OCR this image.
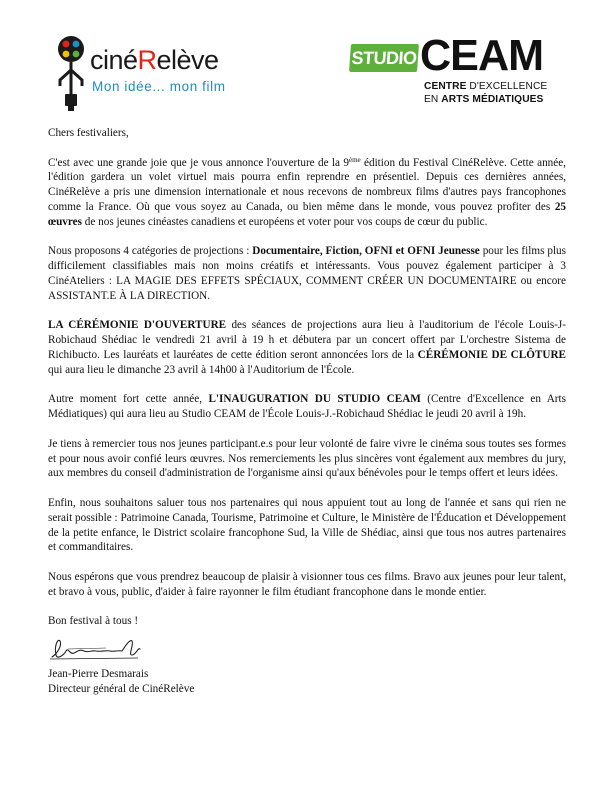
cinéRelève
Mon idée... mon film
STUDIO CEAM
CENTRE D'EXCELLENCE
EN ARTS MÉDIATIQUES

Chers festivaliers,

C'est avec une grande joie que je vous annonce l'ouverture de la 9ème édition du Festival CinéRelève. Cette année, l'édition gardera un volet virtuel mais pourra enfin reprendre en présentiel. Depuis ces dernières années, CinéRelève a pris une dimension internationale et nous recevons de nombreux films d'autres pays francophones comme la France. Où que vous soyez au Canada, ou bien même dans le monde, vous pouvez profiter des 25 œuvres de nos jeunes cinéastes canadiens et européens et voter pour vos coups de cœur du public.

Nous proposons 4 catégories de projections : Documentaire, Fiction, OFNI et OFNI Jeunesse pour les films plus difficilement classifiables mais non moins créatifs et intéressants. Vous pouvez également participer à 3 CinéAteliers : LA MAGIE DES EFFETS SPÉCIAUX, COMMENT CRÉER UN DOCUMENTAIRE ou encore ASSISTANT.E À LA DIRECTION.

LA CÉRÉMONIE D'OUVERTURE des séances de projections aura lieu à l'auditorium de l'école Louis-J-Robichaud Shédiac le vendredi 21 avril à 19 h et débutera par un concert offert par L'orchestre Sistema de Richibucto. Les lauréats et lauréates de cette édition seront annoncées lors de la CÉRÉMONIE DE CLÔTURE qui aura lieu le dimanche 23 avril à 14h00 à l'Auditorium de l'École.

Autre moment fort cette année, L'INAUGURATION DU STUDIO CEAM (Centre d'Excellence en Arts Médiatiques) qui aura lieu au Studio CEAM de l'École Louis-J.-Robichaud Shédiac le jeudi 20 avril à 19h.

Je tiens à remercier tous nos jeunes participant.e.s pour leur volonté de faire vivre le cinéma sous toutes ses formes et pour nous avoir confié leurs œuvres. Nos remerciements les plus sincères vont également aux membres du jury, aux membres du conseil d'administration de l'organisme ainsi qu'aux bénévoles pour le temps offert et leurs idées.

Enfin, nous souhaitons saluer tous nos partenaires qui nous appuient tout au long de l'année et sans qui rien ne serait possible : Patrimoine Canada, Tourisme, Patrimoine et Culture, le Ministère de l'Éducation et Développement de la petite enfance, le District scolaire francophone Sud, la Ville de Shédiac, ainsi que tous nos autres partenaires et commanditaires.

Nous espérons que vous prendrez beaucoup de plaisir à visionner tous ces films. Bravo aux jeunes pour leur talent, et bravo à vous, public, d'aider à faire rayonner le film étudiant francophone dans le monde entier.

Bon festival à tous !

Jean-Pierre Desmarais

Directeur général de CinéRelève
